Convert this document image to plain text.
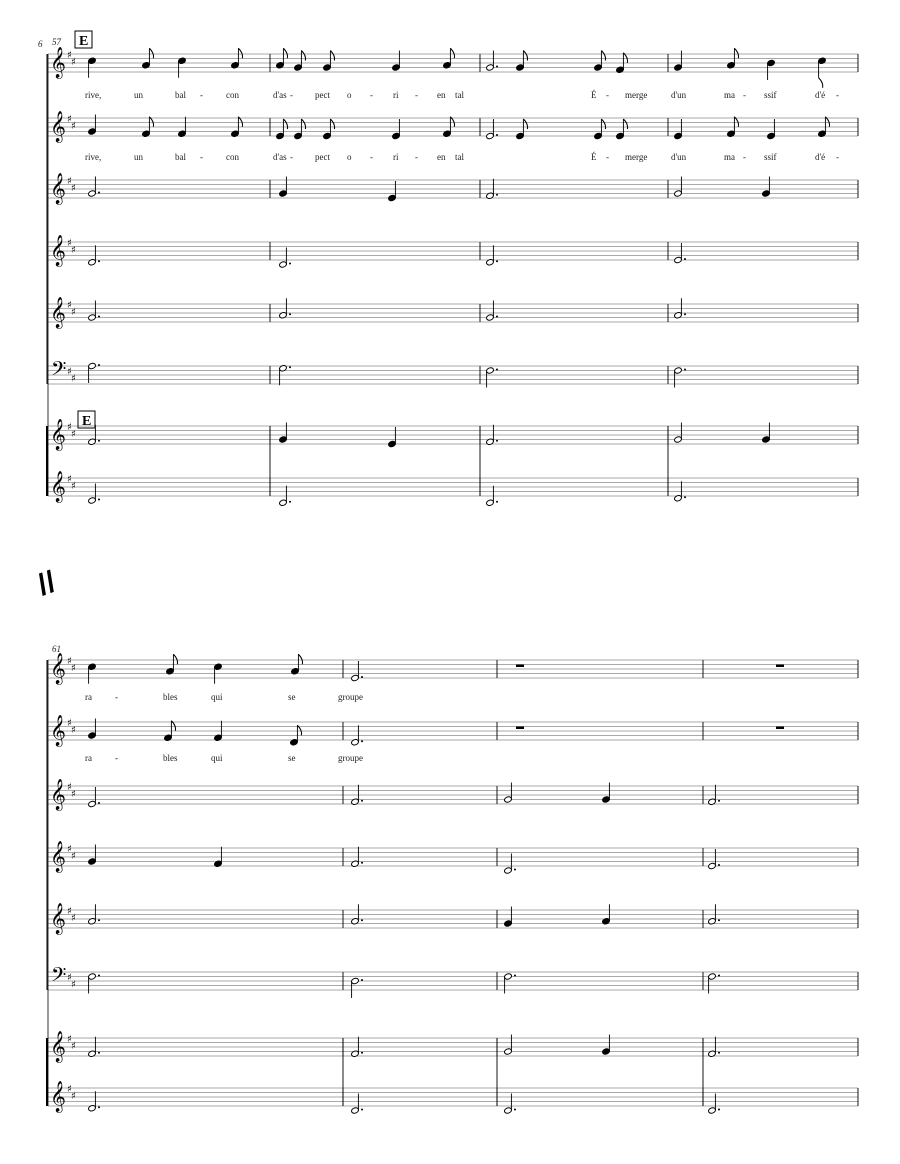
𝄞 ♯
♯
𝄞 ♯
♯
𝄞 ♯
♯
𝄞 ♯
♯
𝄞 ♯
♯
𝄢 ♯
♯
𝄞 ♯
♯
𝄞 ♯
♯
𝄞 ♯
♯
𝄞 ♯
♯
𝄞 ♯
♯
𝄞 ♯
♯
𝄞 ♯
♯
𝄢 ♯
♯
𝄞 ♯
♯
𝄞 ♯
♯
rive,	un	bal -	con	d'as - pect o - ri - en tal	É - merge	d'un	ma - ssif	d'é -
rive,	un	bal -	con	d'as - pect o - ri - en tal	É - merge	d'un	ma - ssif	d'é -
ra	-	bles	qui	se	groupe
ra	-	bles	qui	se	groupe
6 57 E
E
61
//
